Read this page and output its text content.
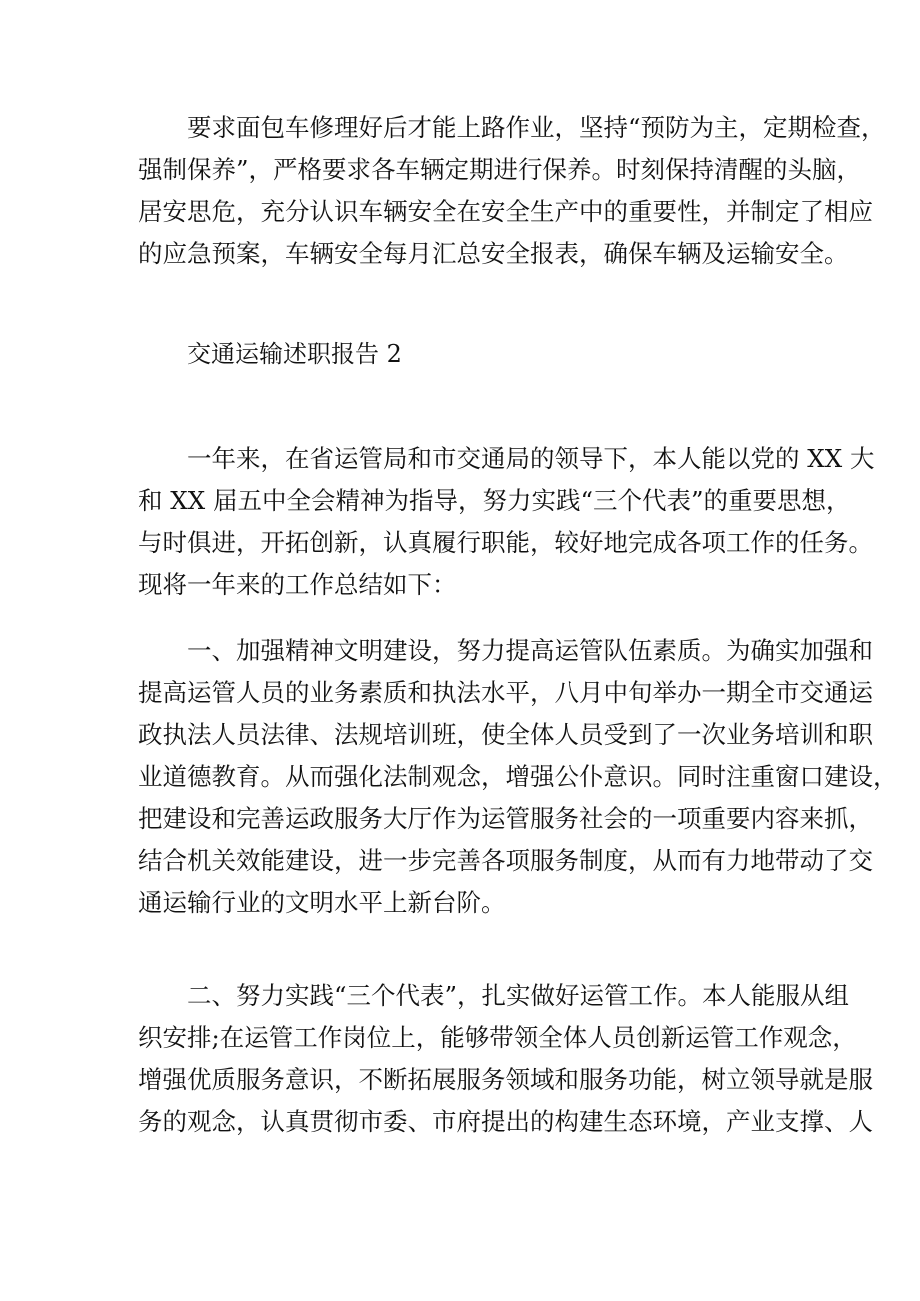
要求面包车修理好后才能上路作业，坚持“预防为主，定期检查，
强制保养”，严格要求各车辆定期进行保养。时刻保持清醒的头脑，
居安思危，充分认识车辆安全在安全生产中的重要性，并制定了相应
的应急预案，车辆安全每月汇总安全报表，确保车辆及运输安全。
交通运输述职报告 2
一年来，在省运管局和市交通局的领导下，本人能以党的 XX 大
和 XX 届五中全会精神为指导，努力实践“三个代表”的重要思想，
与时俱进，开拓创新，认真履行职能，较好地完成各项工作的任务。
现将一年来的工作总结如下：
一、加强精神文明建设，努力提高运管队伍素质。为确实加强和
提高运管人员的业务素质和执法水平，八月中旬举办一期全市交通运
政执法人员法律、法规培训班，使全体人员受到了一次业务培训和职
业道德教育。从而强化法制观念，增强公仆意识。同时注重窗口建设，
把建设和完善运政服务大厅作为运管服务社会的一项重要内容来抓，
结合机关效能建设，进一步完善各项服务制度，从而有力地带动了交
通运输行业的文明水平上新台阶。
二、努力实践“三个代表”，扎实做好运管工作。本人能服从组
织安排;在运管工作岗位上，能够带领全体人员创新运管工作观念，
增强优质服务意识，不断拓展服务领域和服务功能，树立领导就是服
务的观念，认真贯彻市委、市府提出的构建生态环境，产业支撑、人
